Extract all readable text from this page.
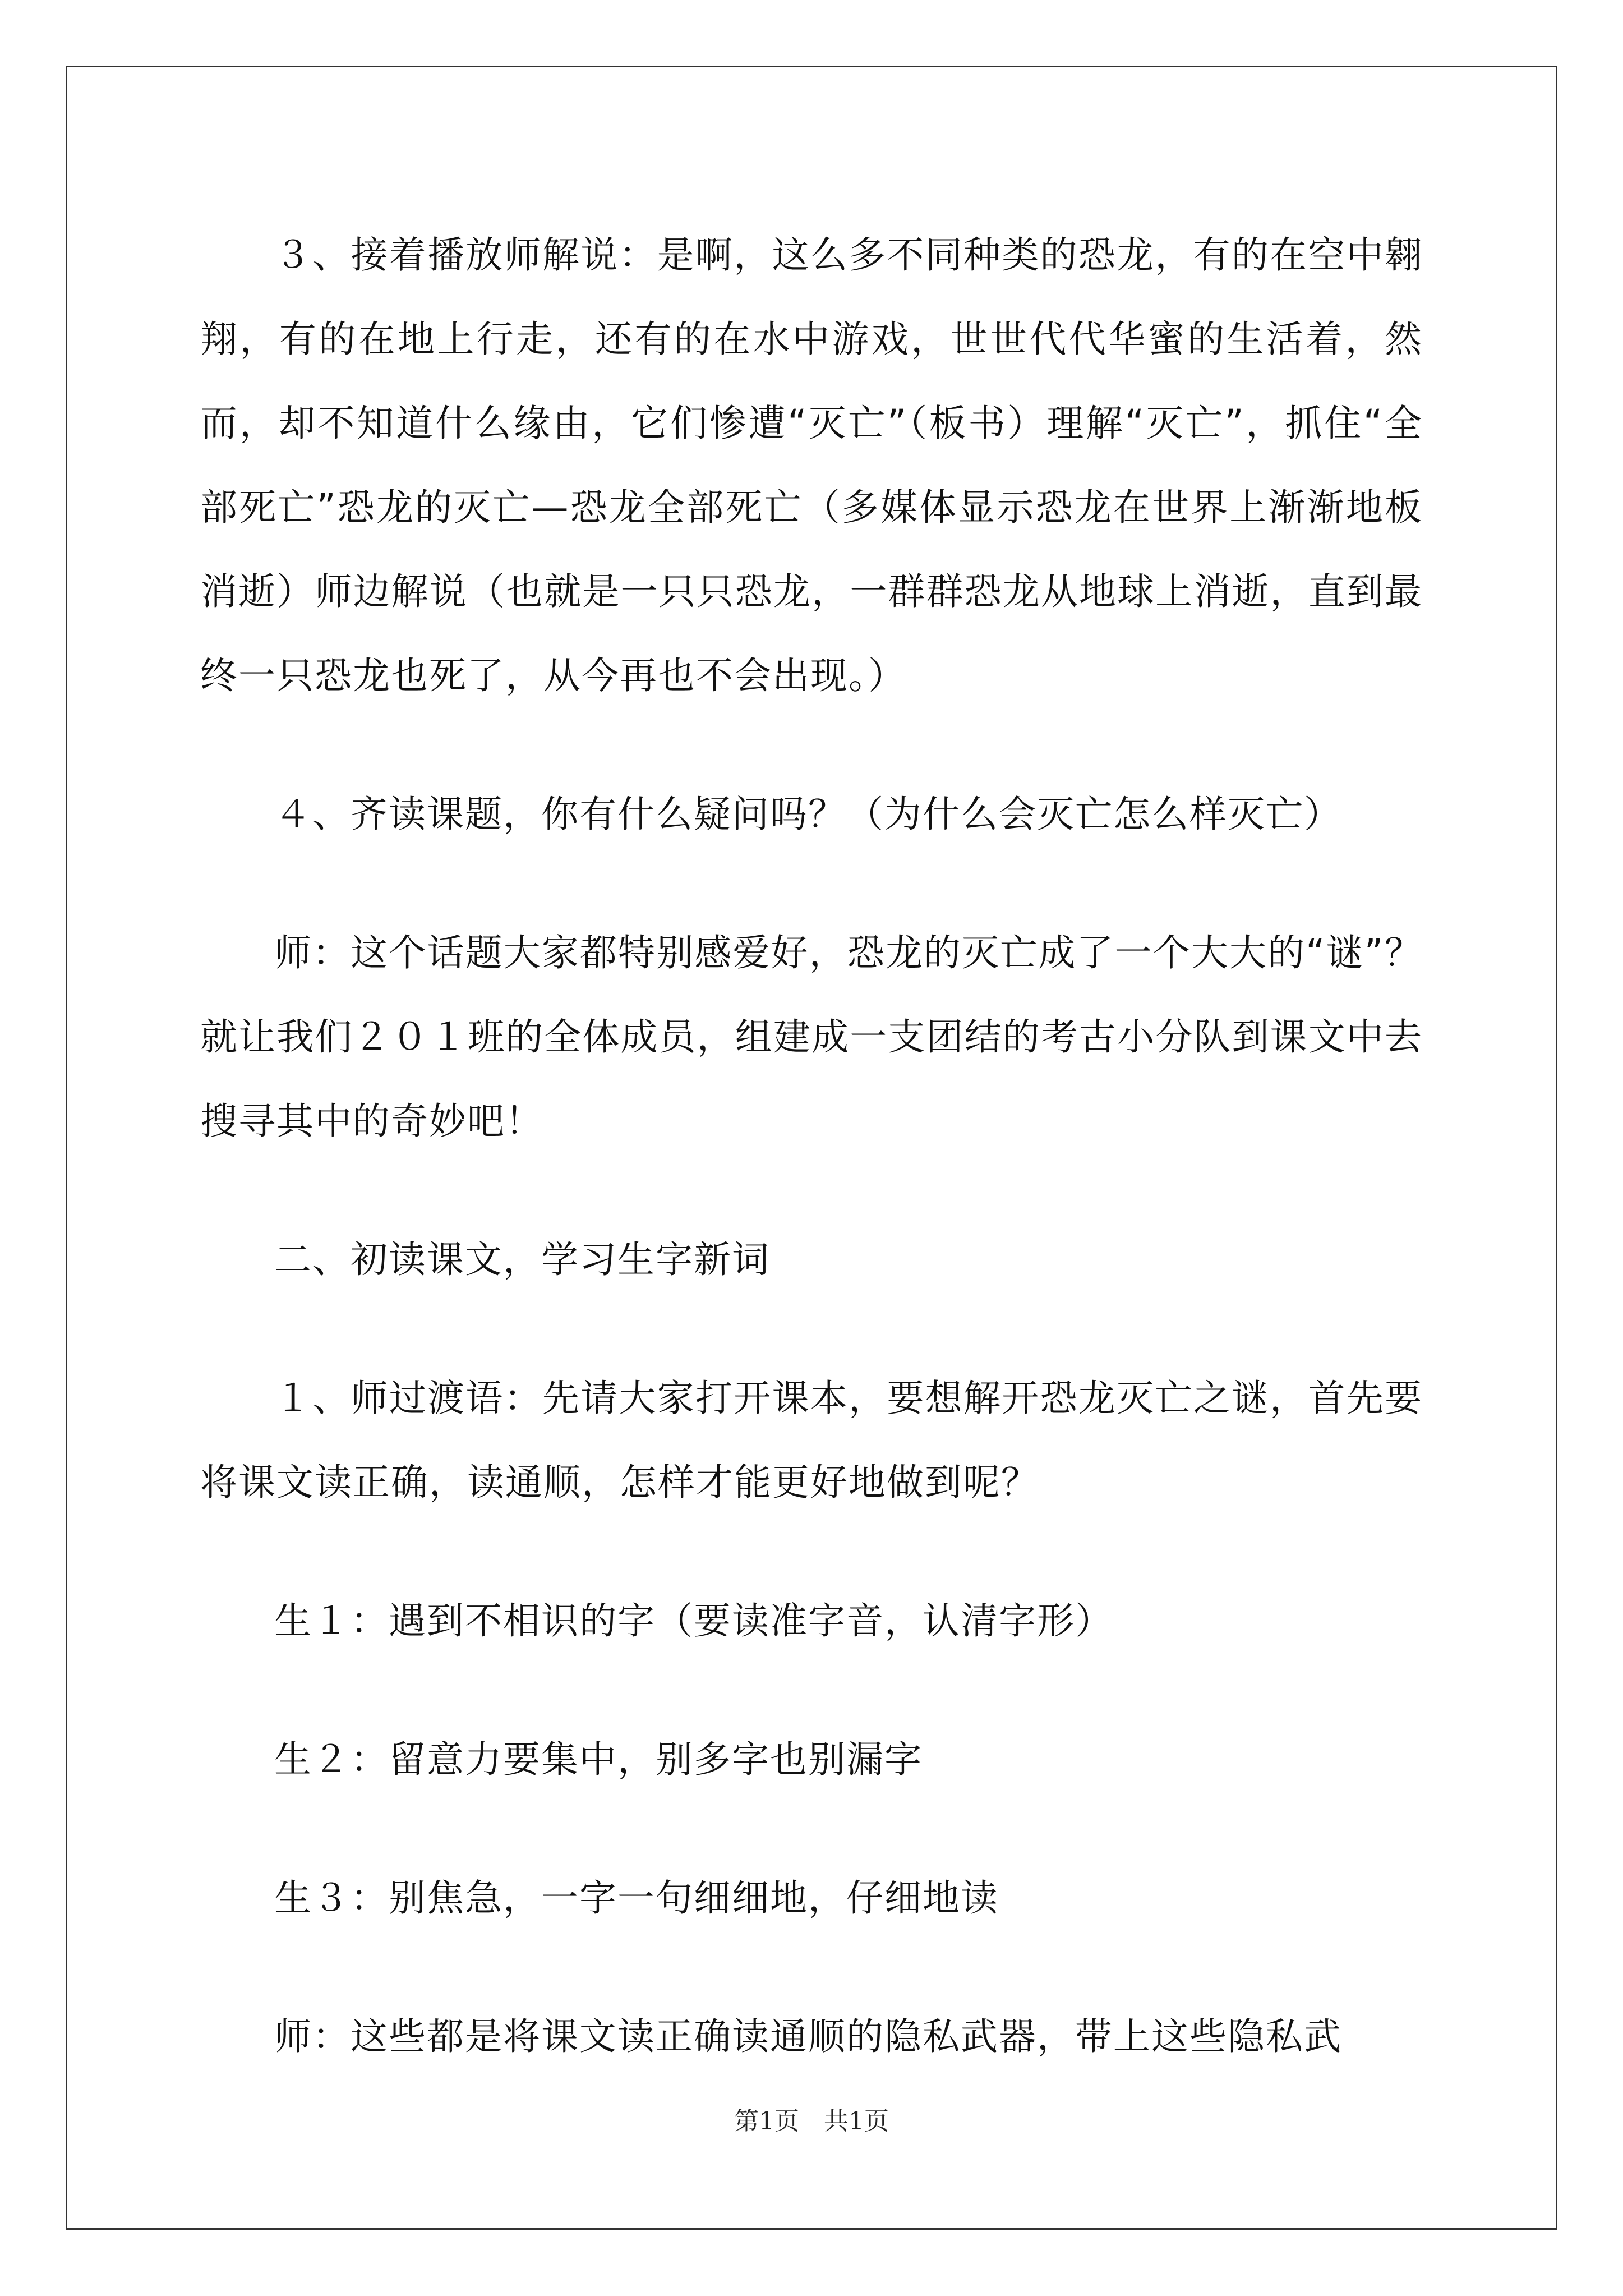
３、接着播放师解说：是啊，这么多不同种类的恐龙，有的在空中翱翔，有的在地上行走，还有的在水中游戏，世世代代华蜜的生活着，然而，却不知道什么缘由，它们惨遭“灭亡”（板书）理解“灭亡”，抓住“全部死亡”恐龙的灭亡—恐龙全部死亡（多媒体显示恐龙在世界上渐渐地板消逝）师边解说（也就是一只只恐龙，一群群恐龙从地球上消逝，直到最终一只恐龙也死了，从今再也不会出现。）

４、齐读课题，你有什么疑问吗？（为什么会灭亡怎么样灭亡）

师：这个话题大家都特别感爱好，恐龙的灭亡成了一个大大的“谜”？就让我们２０１班的全体成员，组建成一支团结的考古小分队到课文中去搜寻其中的奇妙吧！

二、初读课文，学习生字新词

１、师过渡语：先请大家打开课本，要想解开恐龙灭亡之谜，首先要将课文读正确，读通顺，怎样才能更好地做到呢？

生１：遇到不相识的字（要读准字音，认清字形）

生２：留意力要集中，别多字也别漏字

生３：别焦急，一字一句细细地，仔细地读

师：这些都是将课文读正确读通顺的隐私武器，带上这些隐私武

第1页 共1页
